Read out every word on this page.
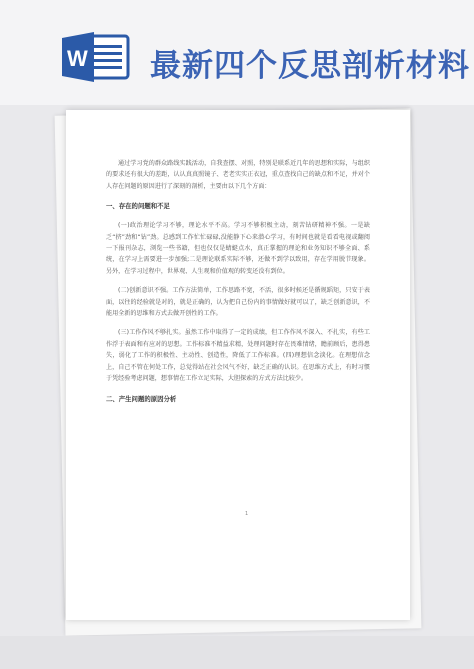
W 最新四个反思剖析材料

通过学习党的群众路线实践活动，自我查摆、对照，特别是联系近几年的思想和实际，与组织的要求还有很大的差距，认认真真照镜子、老老实实正衣冠，重点查找自己的缺点和不足，并对个人存在问题的原因进行了深刻的剖析，主要由以下几个方面：

一、存在的问题和不足

(一)政治理论学习不够，理论水平不高。学习不够积极主动，刻苦钻研精神不强。一是缺乏“挤”劲和“钻”劲。总感到工作忙忙碌碌,没能静下心来潜心学习，有时间也就是看看电视或翻阅一下报刊杂志，浏览一些书籍，但也仅仅是蜻蜓点水，真正掌握的理论和业务知识不够全面、系统，在学习上需要进一步加强;二是理论联系实际不够，还做不到学以致用，存在学用脱节现象。另外，在学习过程中，世界观、人生观和价值观的转变还没有到位。

(二)创新意识不强。工作方法简单，工作思路不宽，不活，很多时候还是循规蹈矩，只安于表面，以往的经验就是对的，就是正确的，认为把自己份内的事情做好就可以了，缺乏创新意识，不能用全新的思维和方式去做开创性的工作。

(三)工作作风不够扎实。虽然工作中取得了一定的成绩，但工作作风不深入、不扎实，有些工作浮于表面和有应对的思想。工作标准不精益求精，处理问题时存在畏难情绪，瞻前顾后，患得患失，弱化了工作的积极性、主动性、创造性，降低了工作标准。(四)理想信念淡化。在理想信念上，自己不管在何处工作，总觉得站在社会风气不好，缺乏正确的认识。在思维方式上，有时习惯于凭经验考虑问题，想事情在工作立足实际，大胆探索的方式方法比较少。

二、产生问题的原因分析
1
